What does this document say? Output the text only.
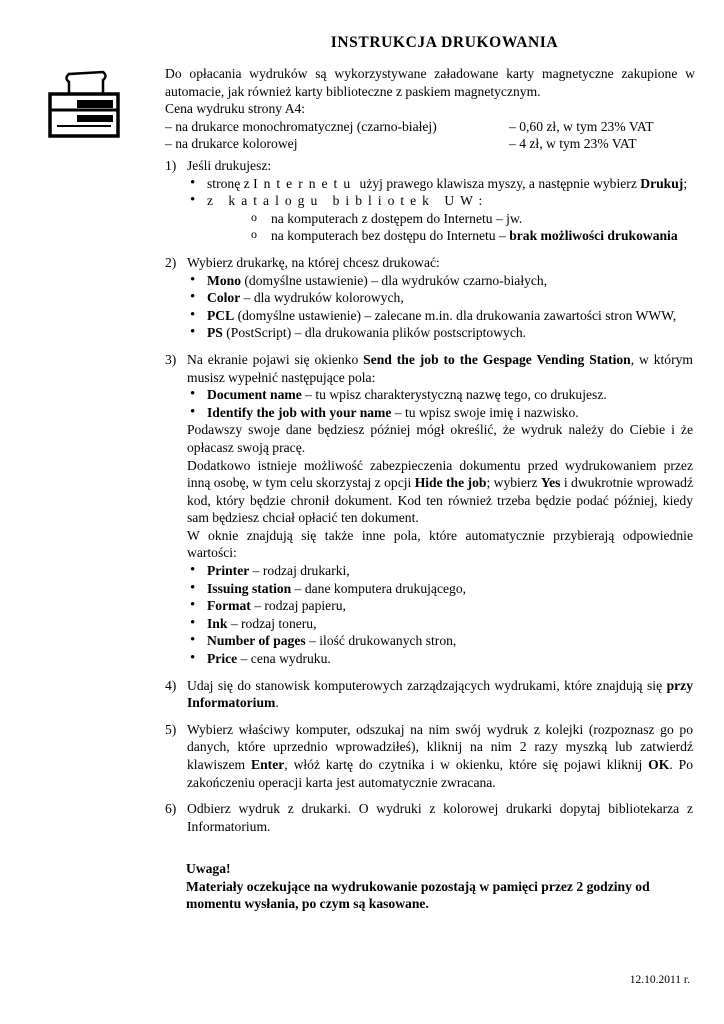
INSTRUKCJA DRUKOWANIA

Do opłacania wydruków są wykorzystywane załadowane karty magnetyczne zakupione w automacie, jak również karty biblioteczne z paskiem magnetycznym.

Cena wydruku strony A4:

– na drukarce monochromatycznej (czarno-białej)	– 0,60 zł, w tym 23% VAT
– na drukarce kolorowej	– 4 zł, w tym 23% VAT
1) Jeśli drukujesz:

• stronę z Internetu użyj prawego klawisza myszy, a następnie wybierz Drukuj;
• z katalogu bibliotek UW:
o na komputerach z dostępem do Internetu – jw.
o na komputerach bez dostępu do Internetu – brak możliwości drukowania
2) Wybierz drukarkę, na której chcesz drukować:

• Mono (domyślne ustawienie) – dla wydruków czarno-białych,
• Color – dla wydruków kolorowych,
• PCL (domyślne ustawienie) – zalecane m.in. dla drukowania zawartości stron WWW,
• PS (PostScript) – dla drukowania plików postscriptowych.
3) Na ekranie pojawi się okienko Send the job to the Gespage Vending Station, w którym musisz wypełnić następujące pola:

• Document name – tu wpisz charakterystyczną nazwę tego, co drukujesz.
• Identify the job with your name – tu wpisz swoje imię i nazwisko.

Podawszy swoje dane będziesz później mógł określić, że wydruk należy do Ciebie i że opłacasz swoją pracę.

Dodatkowo istnieje możliwość zabezpieczenia dokumentu przed wydrukowaniem przez inną osobę, w tym celu skorzystaj z opcji Hide the job; wybierz Yes i dwukrotnie wprowadź kod, który będzie chronił dokument. Kod ten również trzeba będzie podać później, kiedy sam będziesz chciał opłacić ten dokument.

W oknie znajdują się także inne pola, które automatycznie przybierają odpowiednie wartości:

• Printer – rodzaj drukarki,
• Issuing station – dane komputera drukującego,
• Format – rodzaj papieru,
• Ink – rodzaj toneru,
• Number of pages – ilość drukowanych stron,
• Price – cena wydruku.
4) Udaj się do stanowisk komputerowych zarządzających wydrukami, które znajdują się przy Informatorium.

5) Wybierz właściwy komputer, odszukaj na nim swój wydruk z kolejki (rozpoznasz go po danych, które uprzednio wprowadziłeś), kliknij na nim 2 razy myszką lub zatwierdź klawiszem Enter, włóż kartę do czytnika i w okienku, które się pojawi kliknij OK. Po zakończeniu operacji karta jest automatycznie zwracana.

6) Odbierz wydruk z drukarki. O wydruki z kolorowej drukarki dopytaj bibliotekarza z Informatorium.

Uwaga!

Materiały oczekujące na wydrukowanie pozostają w pamięci przez 2 godziny od momentu wysłania, po czym są kasowane.

12.10.2011 r.
